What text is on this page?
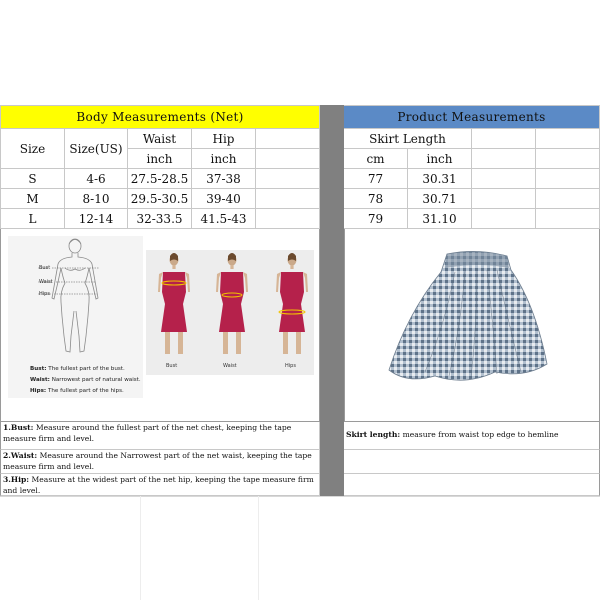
Body Measurements (Net)
Size	Size(US)
Waist	Hip
inch	inch
S	4-6	27.5-28.5	37-38
M	8-10	29.5-30.5	39-40
L	12-14	32-33.5	41.5-43
Product Measurements
Skirt Length
cm	inch
77	30.31
78	30.71
79	31.10
Bust
Waist
Hips
Bust: The fullest part of the bust.
Waist: Narrowest part of natural waist.
Hips: The fullest part of the hips.
Bust	Waist	Hips
1.Bust: Measure around the fullest part of the net chest, keeping the tape measure firm and level.
2.Waist: Measure around the Narrowest part of the net waist, keeping the tape measure firm and level.
3.Hip: Measure at the widest part of the net hip, keeping the tape measure firm and level.
Skirt length: measure from waist top edge to hemline
